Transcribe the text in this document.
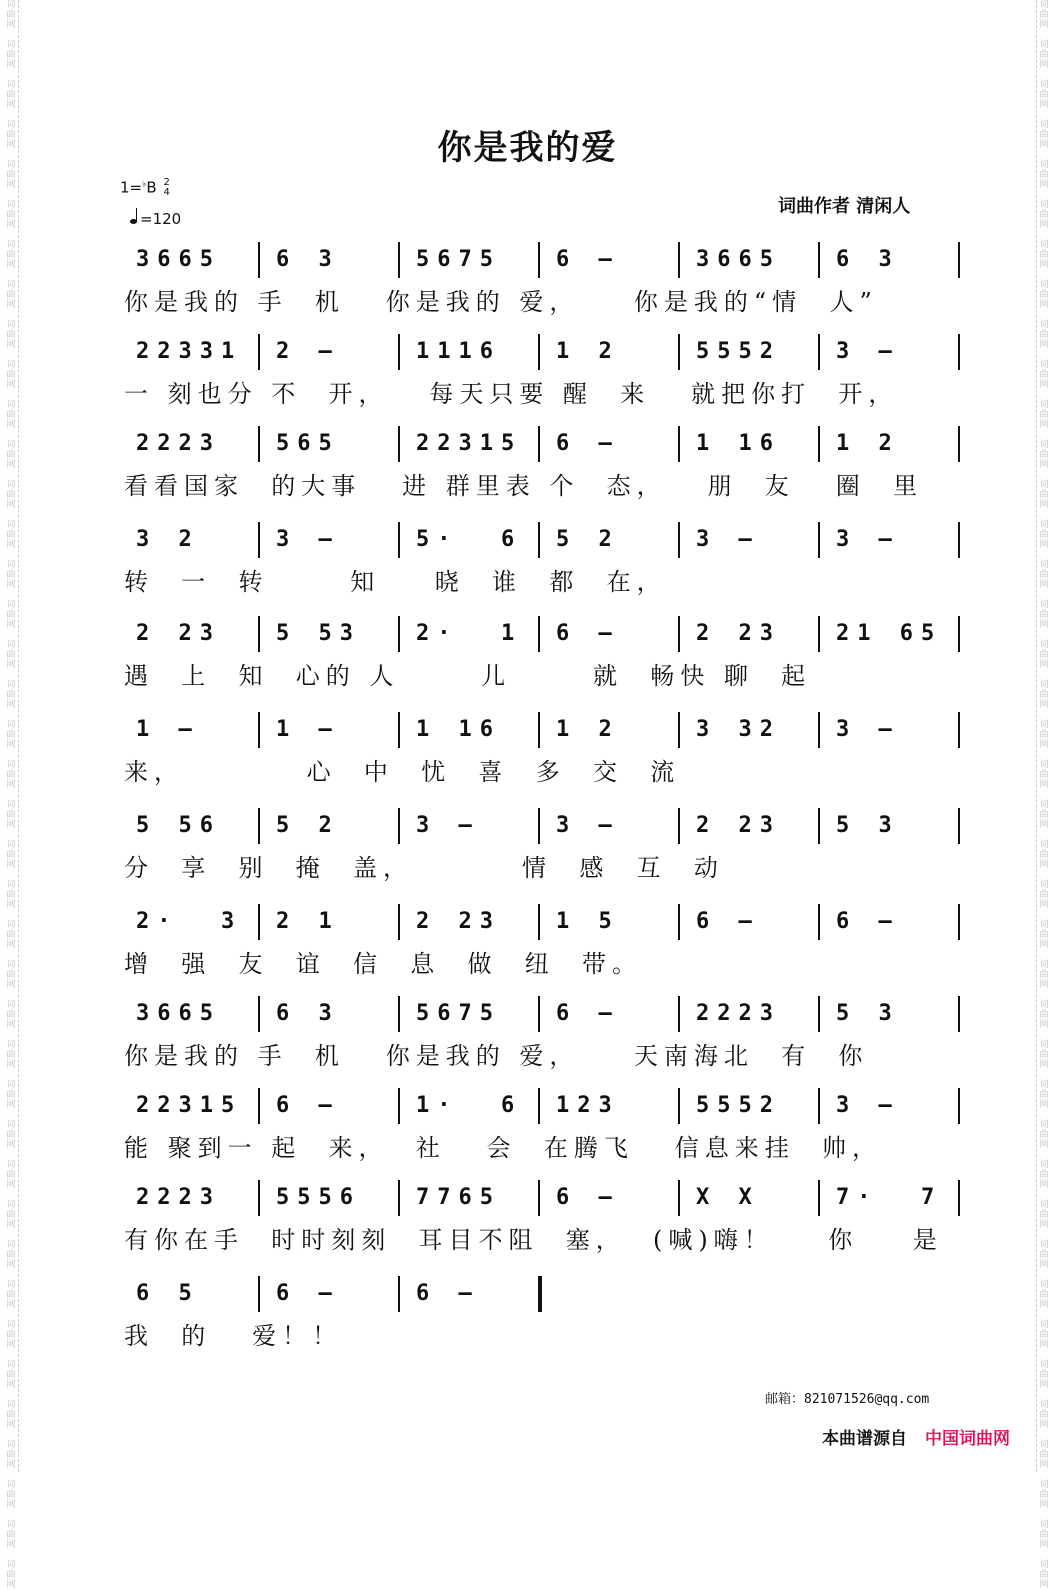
词
曲
网

词
曲
网

词
曲
网

词
曲
网

词
曲
网

词
曲
网

词
曲
网

词
曲
网

词
曲
网

词
曲
网

词
曲
网

词
曲
网

词
曲
网

词
曲
网

词
曲
网

词
曲
网

词
曲
网

词
曲
网

词
曲
网

词
曲
网

词
曲
网

词
曲
网

词
曲
网

词
曲
网

词
曲
网

词
曲
网

词
曲
网

词
曲
网

词
曲
网

词
曲
网

词
曲
网

词
曲
网

词
曲
网

词
曲
网

词
曲
网

词
曲
网

词
曲
网

词
曲
网

词
曲
网

词
曲
网

词
曲
网

词
曲
网

词
曲
网

词
曲
网

词
曲
网

词
曲
网

词
曲
网

词
曲
网

词
曲
网

词
曲
网

词
曲
网

词
曲
网

词
曲
网

词
曲
网

词
曲
网

词
曲
网

词
曲
网

词
曲
网

词
曲
网

词
曲
网

词
曲
网

词
曲
网

词
曲
网

词
曲
网

词
曲
网

词
曲
网

词
曲
网

词
曲
网

词
曲
网

词
曲
网

词
曲
网

词
曲
网

词
曲
网

词
曲
网

词
曲
网

词
曲
网

词
曲
网

词
曲
网

词
曲
网

词
曲
网

你是我的爱
1=♭B 2
4
=120
词曲作者 清闲人
3665	6 3	5675	6 –	3665	6 3
你是我的 手  机   你是我的 爱，    你是我的“情  人”
22331	2 –	1116	1 2	5552	3 –
一 刻也分 不  开，   每天只要 醒  来   就把你打  开，
2223	565	22315	6 –	1 16	1 2
看看国家  的大事   进 群里表 个  态，   朋  友   圈  里
3 2	3 –	5·  6	5 2	3 –	3 –
转  一  转      知    晓  谁  都  在，
2 23	5 53	2·  1	6 –	2 23	21 65
遇  上  知  心的 人      儿      就  畅快 聊  起
1 –	1 –	1 16	1 2	3 32	3 –
来，         心  中  忧  喜  多  交  流
5 56	5 2	3 –	3 –	2 23	5 3
分  享  别  掩  盖，        情  感  互  动
2·  3	2 1	2 23	1 5	6 –	6 –
增  强  友  谊  信  息  做  纽  带。
3665	6 3	5675	6 –	2223	5 3
你是我的 手  机   你是我的 爱，    天南海北  有  你
22315	6 –	1·  6	123	5552	3 –
能 聚到一 起  来，  社   会  在腾飞   信息来挂  帅，
2223	5556	7765	6 –	X X	7·  7
有你在手  时时刻刻  耳目不阻  塞，  (喊)嗨！    你    是
6 5	6 –	6 –
我  的   爱！！
邮箱：821071526@qq.com
本曲谱源自 中国词曲网
